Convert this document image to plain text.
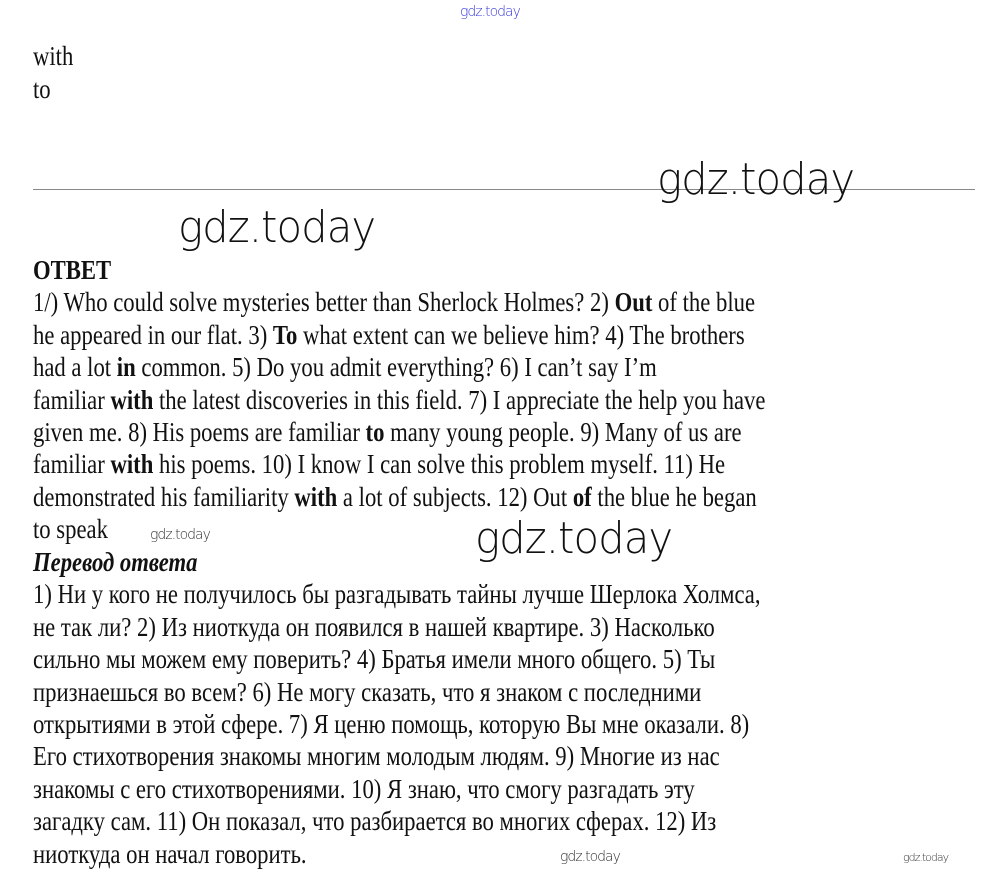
gdz.today
with
to
gdz.today
gdz.today
ОТВЕТ
1/) Who could solve mysteries better than Sherlock Holmes? 2) Out of the blue
he appeared in our flat. 3) To what extent can we believe him? 4) The brothers
had a lot in common. 5) Do you admit everything? 6) I can’t say I’m
familiar with the latest discoveries in this field. 7) I appreciate the help you have
given me. 8) His poems are familiar to many young people. 9) Many of us are
familiar with his poems. 10) I know I can solve this problem myself. 11) He
demonstrated his familiarity with a lot of subjects. 12) Out of the blue he began
to speak	gdz.today	gdz.today
Перевод ответа
1) Ни у кого не получилось бы разгадывать тайны лучше Шерлока Холмса,
не так ли? 2) Из ниоткуда он появился в нашей квартире. 3) Насколько
сильно мы можем ему поверить? 4) Братья имели много общего. 5) Ты
признаешься во всем? 6) Не могу сказать, что я знаком с последними
открытиями в этой сфере. 7) Я ценю помощь, которую Вы мне оказали. 8)
Его стихотворения знакомы многим молодым людям. 9) Многие из нас
знакомы с его стихотворениями. 10) Я знаю, что смогу разгадать эту
загадку сам. 11) Он показал, что разбирается во многих сферах. 12) Из
ниоткуда он начал говорить.	gdz.today	gdz.today
